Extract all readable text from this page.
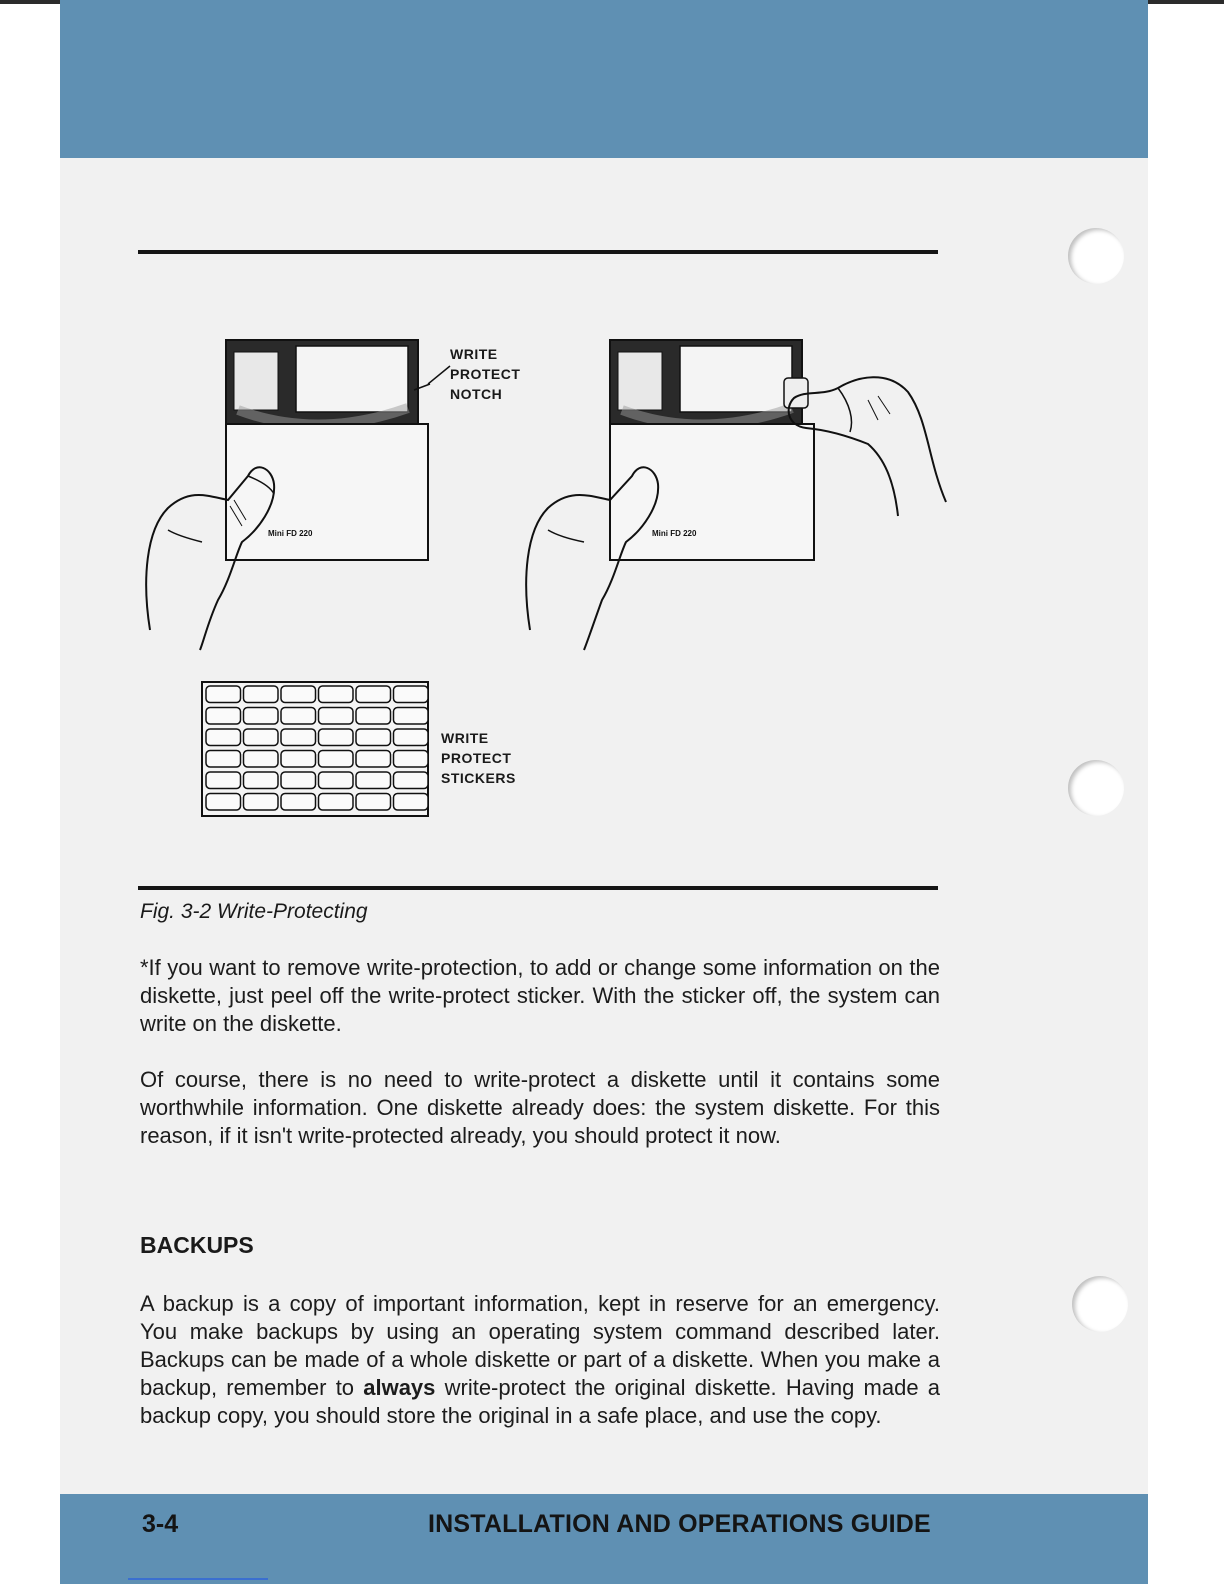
Mini FD 220	Mini FD 220
WRITE
PROTECT
NOTCH
WRITE
PROTECT
STICKERS
Fig. 3-2 Write-Protecting

*If you want to remove write-protection, to add or change some information on the diskette, just peel off the write-protect sticker. With the sticker off, the system can write on the diskette.

Of course, there is no need to write-protect a diskette until it contains some worthwhile information. One diskette already does: the system diskette. For this reason, if it isn't write-protected already, you should protect it now.

BACKUPS

A backup is a copy of important information, kept in reserve for an emergency. You make backups by using an operating system command described later. Backups can be made of a whole diskette or part of a diskette. When you make a backup, remember to always write-protect the original diskette. Having made a backup copy, you should store the original in a safe place, and use the copy.

3-4	INSTALLATION AND OPERATIONS GUIDE
